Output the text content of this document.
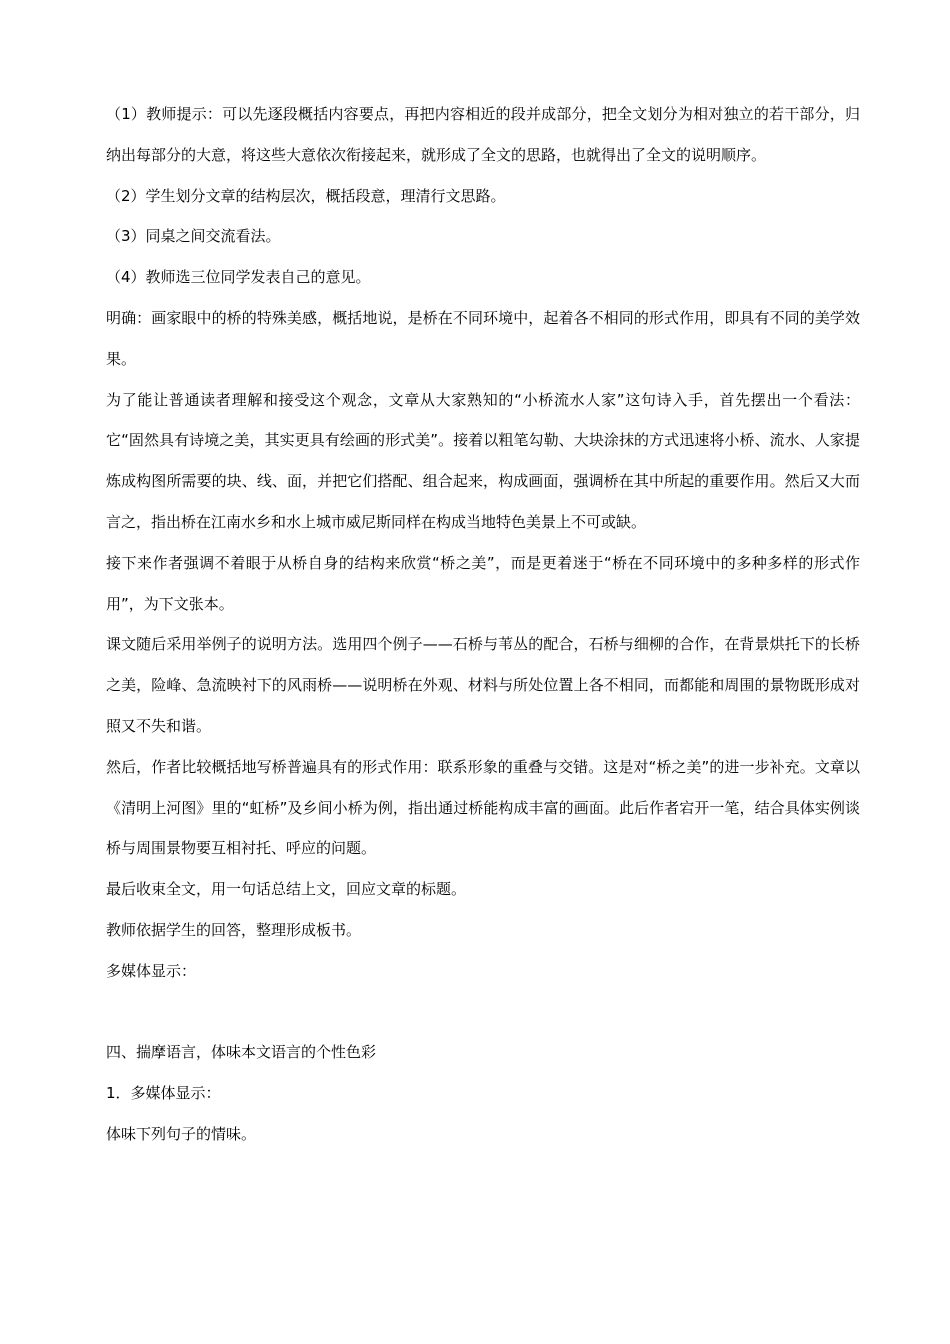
（1）教师提示：可以先逐段概括内容要点，再把内容相近的段并成部分，把全文划分为相对独立的若干部分，归纳出每部分的大意，将这些大意依次衔接起来，就形成了全文的思路，也就得出了全文的说明顺序。

（2）学生划分文章的结构层次，概括段意，理清行文思路。

（3）同桌之间交流看法。

（4）教师选三位同学发表自己的意见。

明确：画家眼中的桥的特殊美感，概括地说，是桥在不同环境中，起着各不相同的形式作用，即具有不同的美学效果。

为了能让普通读者理解和接受这个观念，文章从大家熟知的“小桥流水人家”这句诗入手，首先摆出一个看法：它“固然具有诗境之美，其实更具有绘画的形式美”。接着以粗笔勾勒、大块涂抹的方式迅速将小桥、流水、人家提炼成构图所需要的块、线、面，并把它们搭配、组合起来，构成画面，强调桥在其中所起的重要作用。然后又大而言之，指出桥在江南水乡和水上城市威尼斯同样在构成当地特色美景上不可或缺。

接下来作者强调不着眼于从桥自身的结构来欣赏“桥之美”，而是更着迷于“桥在不同环境中的多种多样的形式作用”，为下文张本。

课文随后采用举例子的说明方法。选用四个例子——石桥与苇丛的配合，石桥与细柳的合作，在背景烘托下的长桥之美，险峰、急流映衬下的风雨桥——说明桥在外观、材料与所处位置上各不相同，而都能和周围的景物既形成对照又不失和谐。

然后，作者比较概括地写桥普遍具有的形式作用：联系形象的重叠与交错。这是对“桥之美”的进一步补充。文章以《清明上河图》里的“虹桥”及乡间小桥为例，指出通过桥能构成丰富的画面。此后作者宕开一笔，结合具体实例谈桥与周围景物要互相衬托、呼应的问题。

最后收束全文，用一句话总结上文，回应文章的标题。

教师依据学生的回答，整理形成板书。

多媒体显示：

四、揣摩语言，体味本文语言的个性色彩

1．多媒体显示：

体味下列句子的情味。
